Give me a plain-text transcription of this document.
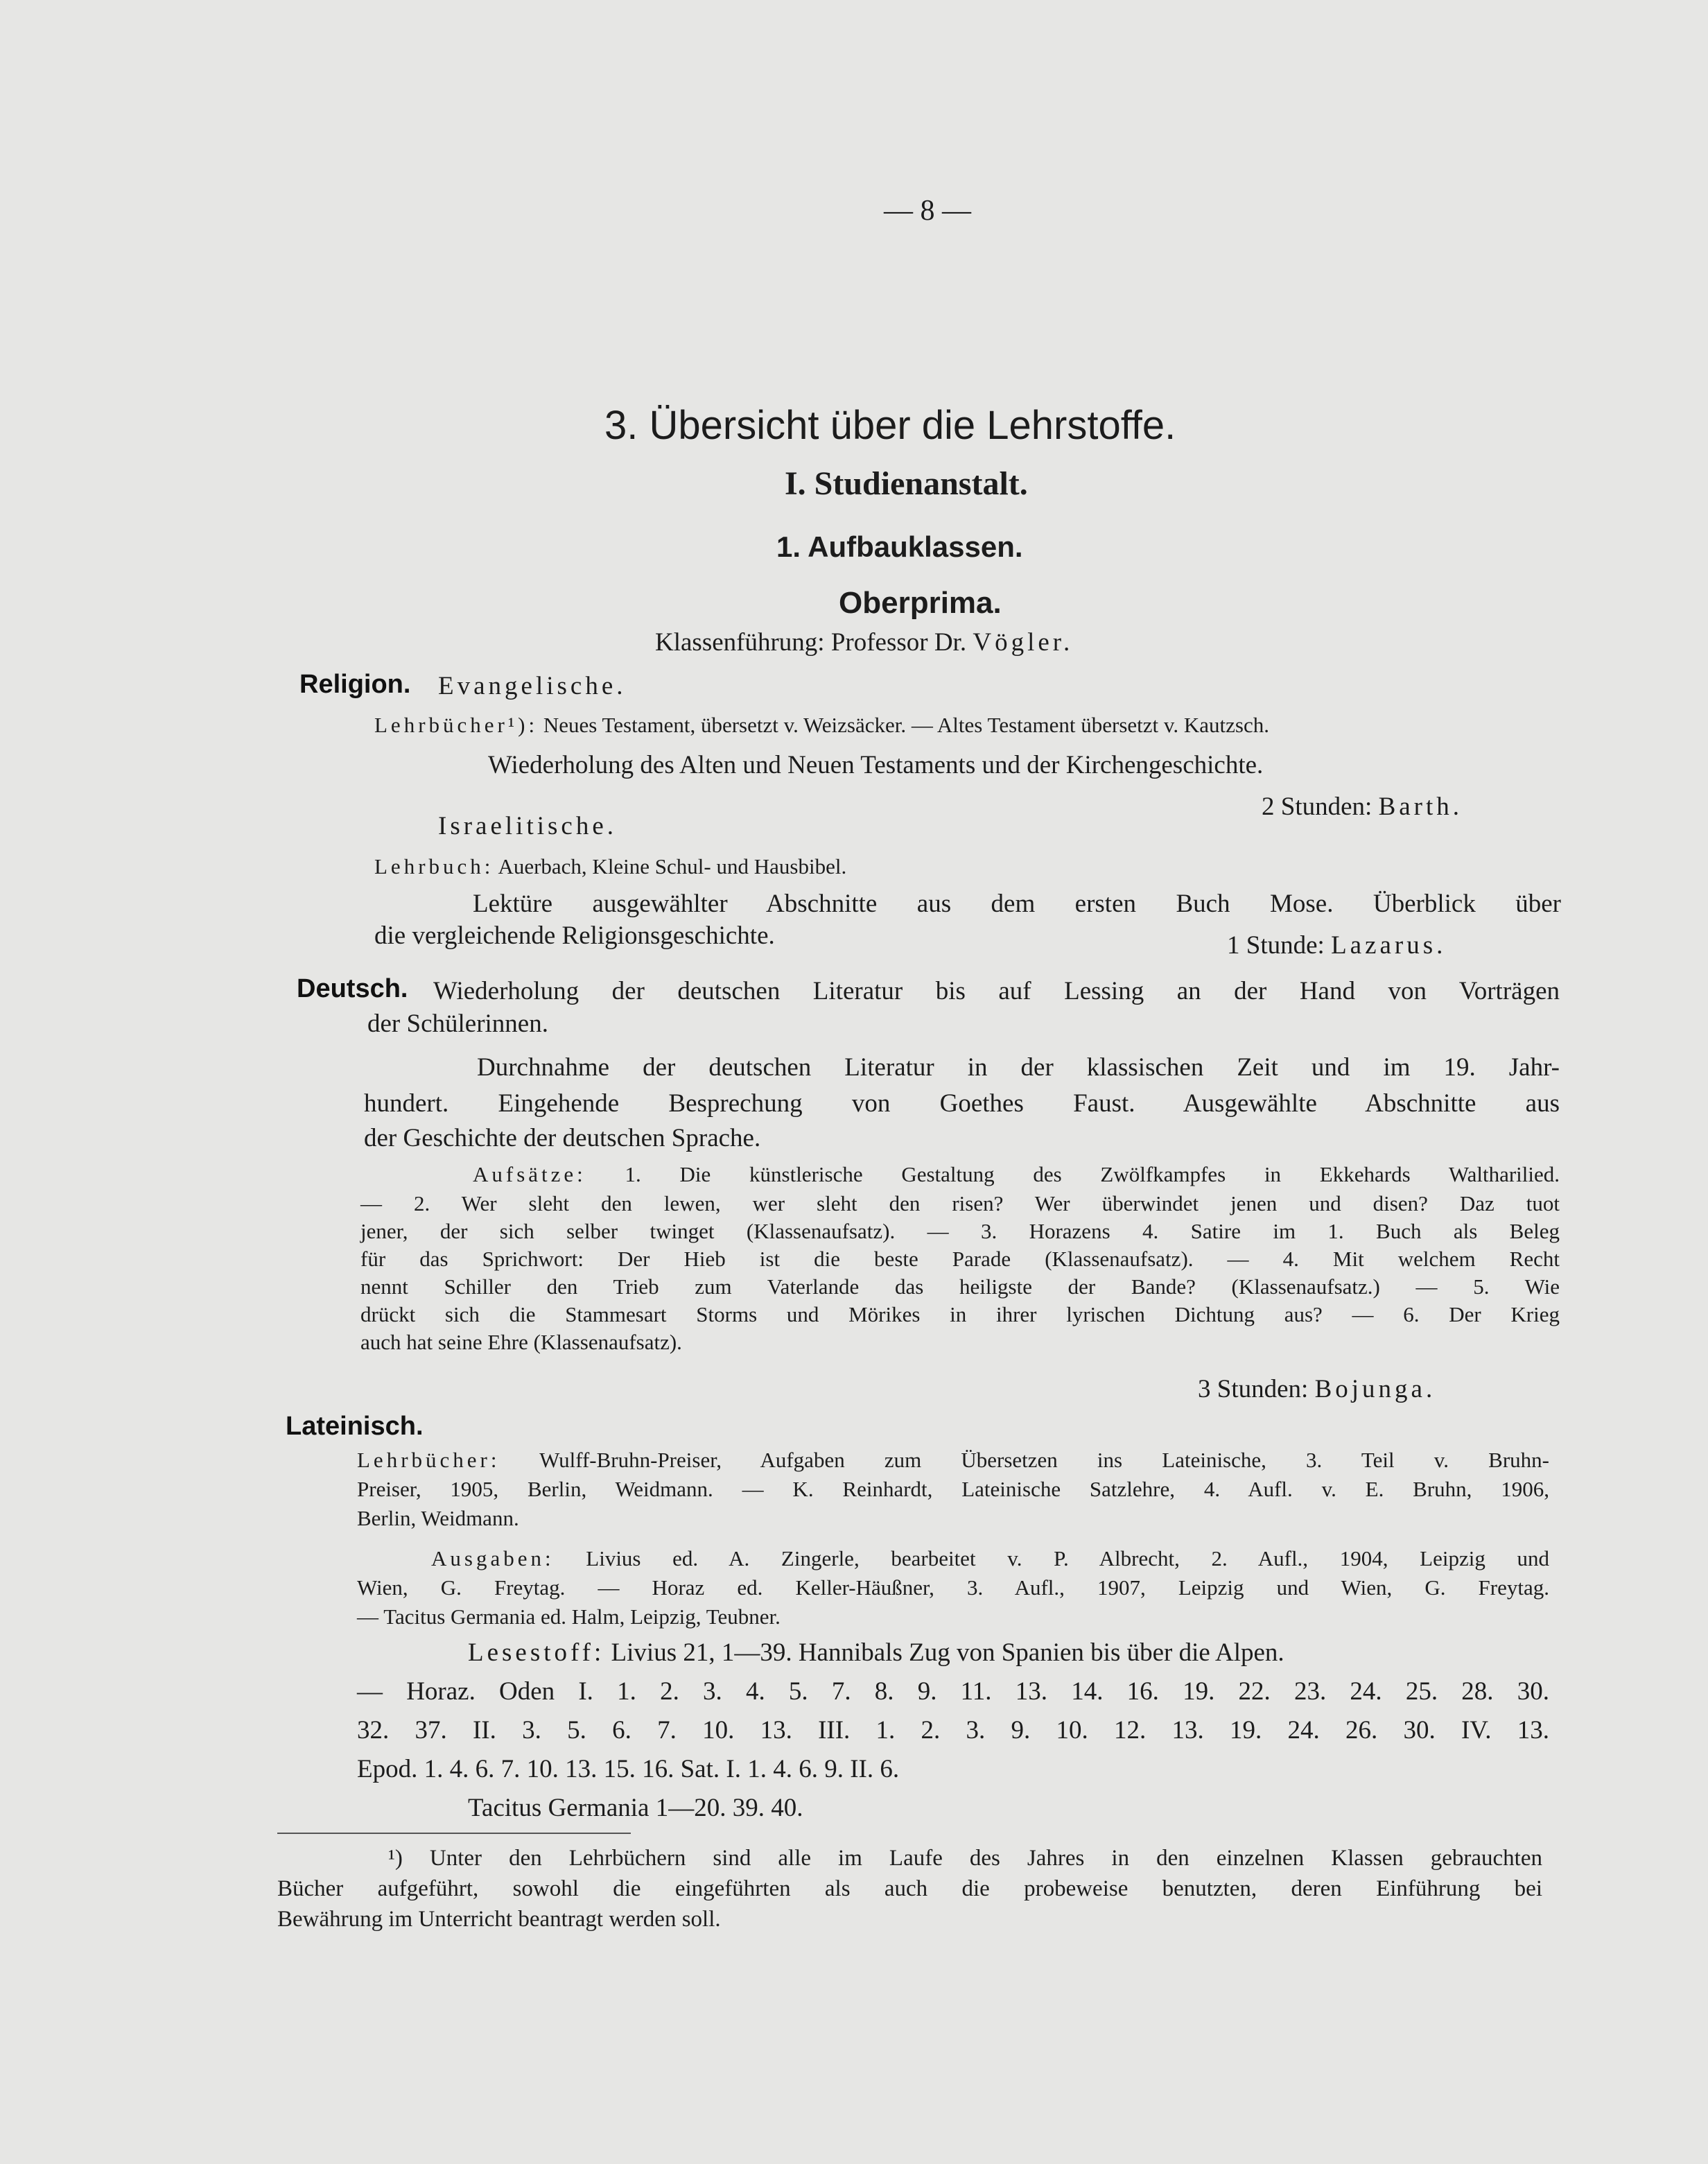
— 8 —
3. Übersicht über die Lehrstoffe.
I. Studienanstalt.
1. Aufbauklassen.
Oberprima.
Klassenführung: Professor Dr. Vögler.
Religion. Evangelische.
Lehrbücher¹): Neues Testament, übersetzt v. Weizsäcker. — Altes Testament übersetzt v. Kautzsch.
Wiederholung des Alten und Neuen Testaments und der Kirchengeschichte.
2 Stunden: Barth.
Israelitische.
Lehrbuch: Auerbach, Kleine Schul- und Hausbibel.
Lektüre ausgewählter Abschnitte aus dem ersten Buch Mose. Überblick über
die vergleichende Religionsgeschichte.	1 Stunde: Lazarus.
Deutsch. Wiederholung der deutschen Literatur bis auf Lessing an der Hand von Vorträgen
der Schülerinnen.
Durchnahme der deutschen Literatur in der klassischen Zeit und im 19. Jahr-
hundert. Eingehende Besprechung von Goethes Faust. Ausgewählte Abschnitte aus
der Geschichte der deutschen Sprache.
Aufsätze: 1. Die künstlerische Gestaltung des Zwölfkampfes in Ekkehards Waltharilied.
— 2. Wer sleht den lewen, wer sleht den risen? Wer überwindet jenen und disen? Daz tuot
jener, der sich selber twinget (Klassenaufsatz). — 3. Horazens 4. Satire im 1. Buch als Beleg
für das Sprichwort: Der Hieb ist die beste Parade (Klassenaufsatz). — 4. Mit welchem Recht
nennt Schiller den Trieb zum Vaterlande das heiligste der Bande? (Klassenaufsatz.) — 5. Wie
drückt sich die Stammesart Storms und Mörikes in ihrer lyrischen Dichtung aus? — 6. Der Krieg
auch hat seine Ehre (Klassenaufsatz).
3 Stunden: Bojunga.
Lateinisch.
Lehrbücher: Wulff-Bruhn-Preiser, Aufgaben zum Übersetzen ins Lateinische, 3. Teil v. Bruhn-
Preiser, 1905, Berlin, Weidmann. — K. Reinhardt, Lateinische Satzlehre, 4. Aufl. v. E. Bruhn, 1906,
Berlin, Weidmann.
Ausgaben: Livius ed. A. Zingerle, bearbeitet v. P. Albrecht, 2. Aufl., 1904, Leipzig und
Wien, G. Freytag. — Horaz ed. Keller-Häußner, 3. Aufl., 1907, Leipzig und Wien, G. Freytag.
— Tacitus Germania ed. Halm, Leipzig, Teubner.
Lesestoff: Livius 21, 1—39. Hannibals Zug von Spanien bis über die Alpen.
— Horaz. Oden I. 1. 2. 3. 4. 5. 7. 8. 9. 11. 13. 14. 16. 19. 22. 23. 24. 25. 28. 30.
32. 37. II. 3. 5. 6. 7. 10. 13. III. 1. 2. 3. 9. 10. 12. 13. 19. 24. 26. 30. IV. 13.
Epod. 1. 4. 6. 7. 10. 13. 15. 16. Sat. I. 1. 4. 6. 9. II. 6.
Tacitus Germania 1—20. 39. 40.
¹) Unter den Lehrbüchern sind alle im Laufe des Jahres in den einzelnen Klassen gebrauchten
Bücher aufgeführt, sowohl die eingeführten als auch die probeweise benutzten, deren Einführung bei
Bewährung im Unterricht beantragt werden soll.
